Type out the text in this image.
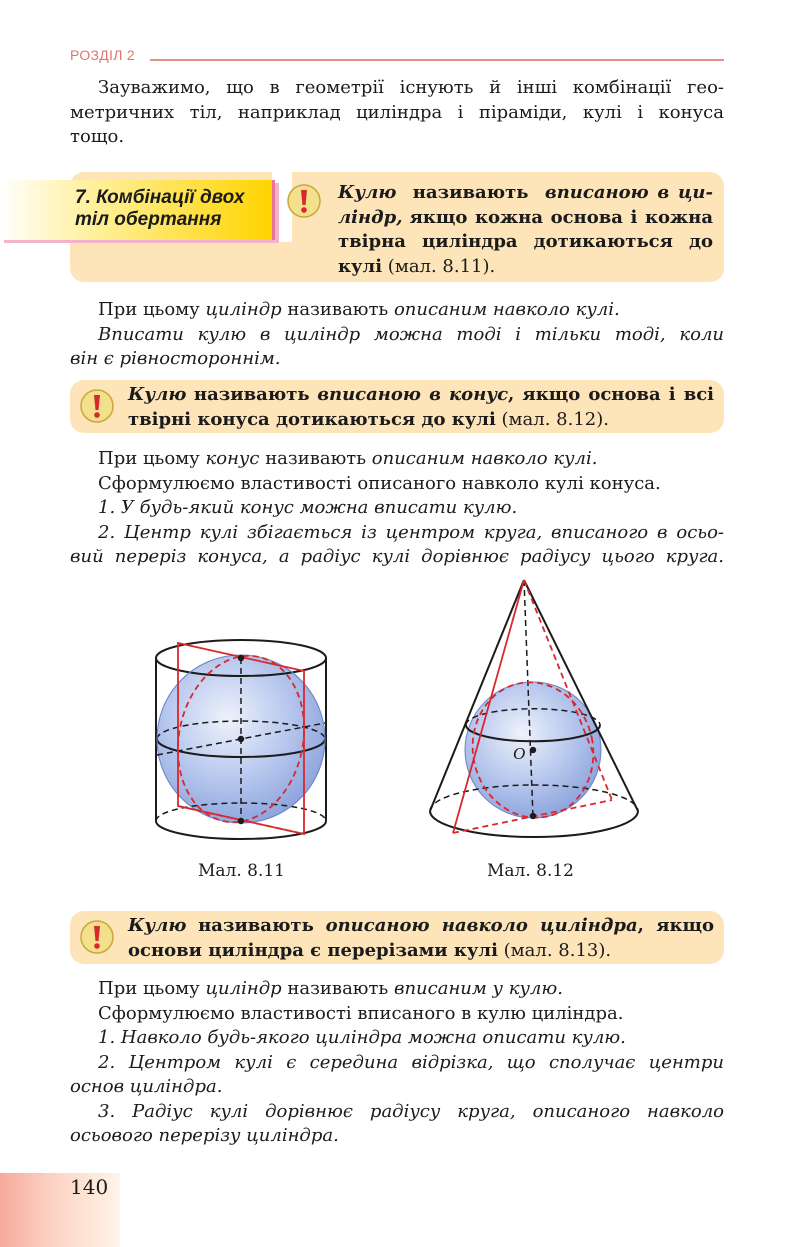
РОЗДІЛ 2
Зауважимо, що в геометрії існують й інші комбінації гео-
метричних тіл, наприклад циліндра і піраміди, кулі і конуса
тощо.
7. Комбінації двох
тіл обертання
Кулю називають вписаною в ци-
ліндр, якщо кожна основа і кожна
твірна циліндра дотикаються до
кулі (мал. 8.11).
При цьому циліндр називають описаним навколо кулі.
Вписати кулю в циліндр можна тоді і тільки тоді, коли
він є рівностороннім.
Кулю називають вписаною в конус, якщо основа і всі
твірні конуса дотикаються до кулі (мал. 8.12).
При цьому конус називають описаним навколо кулі.
Сформулюємо властивості описаного навколо кулі конуса.
1. У будь-який конус можна вписати кулю.
2. Центр кулі збігається із центром круга, вписаного в осьо-
вий переріз конуса, а радіус кулі дорівнює радіусу цього круга.
Мал. 8.11
O
Мал. 8.12
Кулю називають описаною навколо циліндра, якщо
основи циліндра є перерізами кулі (мал. 8.13).
При цьому циліндр називають вписаним у кулю.
Сформулюємо властивості вписаного в кулю циліндра.
1. Навколо будь-якого циліндра можна описати кулю.
2. Центром кулі є середина відрізка, що сполучає центри
основ циліндра.
3. Радіус кулі дорівнює радіусу круга, описаного навколо
осьового перерізу циліндра.
140
